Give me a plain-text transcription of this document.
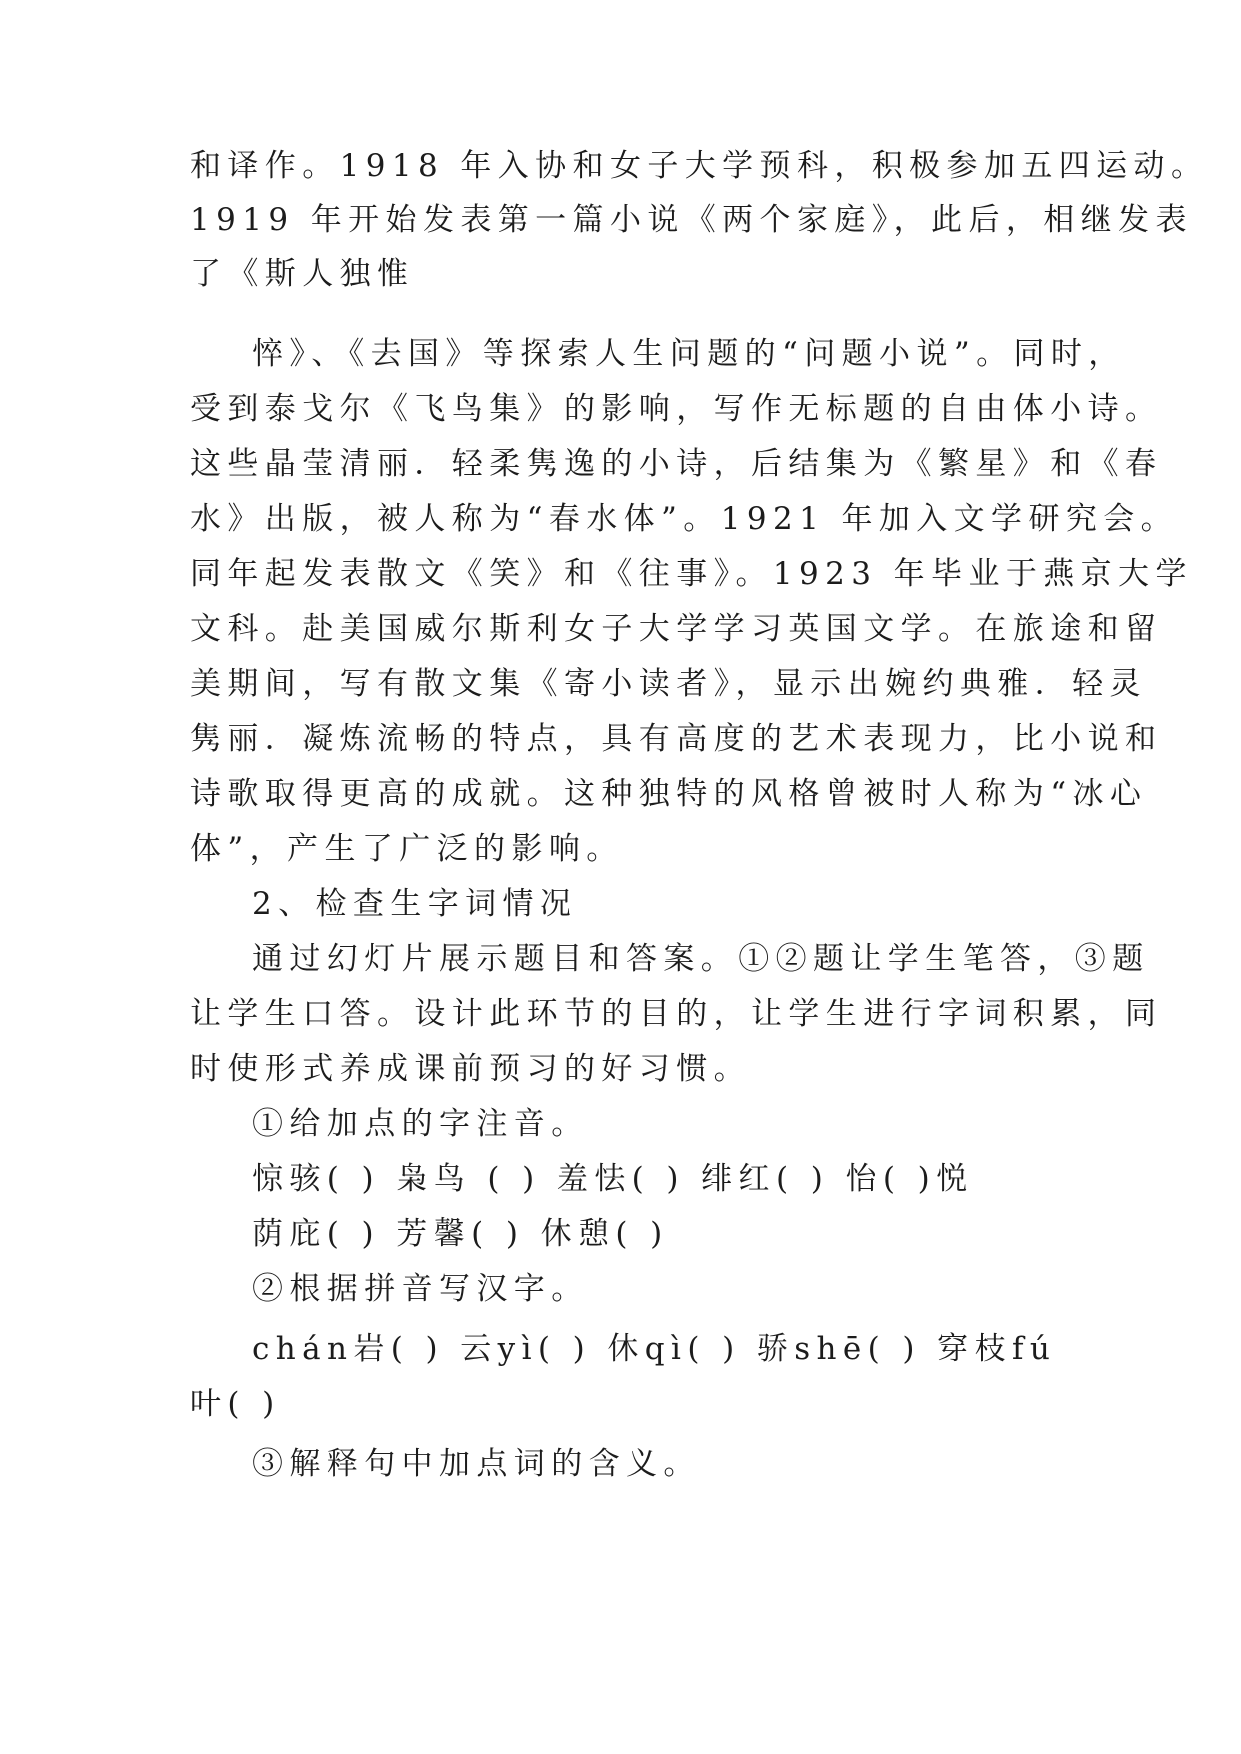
和译作。1918 年入协和女子大学预科，积极参加五四运动。
1919 年开始发表第一篇小说《两个家庭》，此后，相继发表
了《斯人独惟
悴》、《去国》等探索人生问题的“问题小说”。同时，
受到泰戈尔《飞鸟集》的影响，写作无标题的自由体小诗。
这些晶莹清丽．轻柔隽逸的小诗，后结集为《繁星》和《春
水》出版，被人称为“春水体”。1921 年加入文学研究会。
同年起发表散文《笑》和《往事》。1923 年毕业于燕京大学
文科。赴美国威尔斯利女子大学学习英国文学。在旅途和留
美期间，写有散文集《寄小读者》，显示出婉约典雅．轻灵
隽丽．凝炼流畅的特点，具有高度的艺术表现力，比小说和
诗歌取得更高的成就。这种独特的风格曾被时人称为“冰心
体”，产生了广泛的影响。
2、检查生字词情况
通过幻灯片展示题目和答案。①②题让学生笔答，③题
让学生口答。设计此环节的目的，让学生进行字词积累，同
时使形式养成课前预习的好习惯。
①给加点的字注音。
惊骇( ) 枭鸟 ( ) 羞怯( ) 绯红( ) 怡( )悦
荫庇( ) 芳馨( ) 休憩( )
②根据拼音写汉字。
chán岩( ) 云yì( ) 休qì( ) 骄shē( ) 穿枝fú
叶( )
③解释句中加点词的含义。
